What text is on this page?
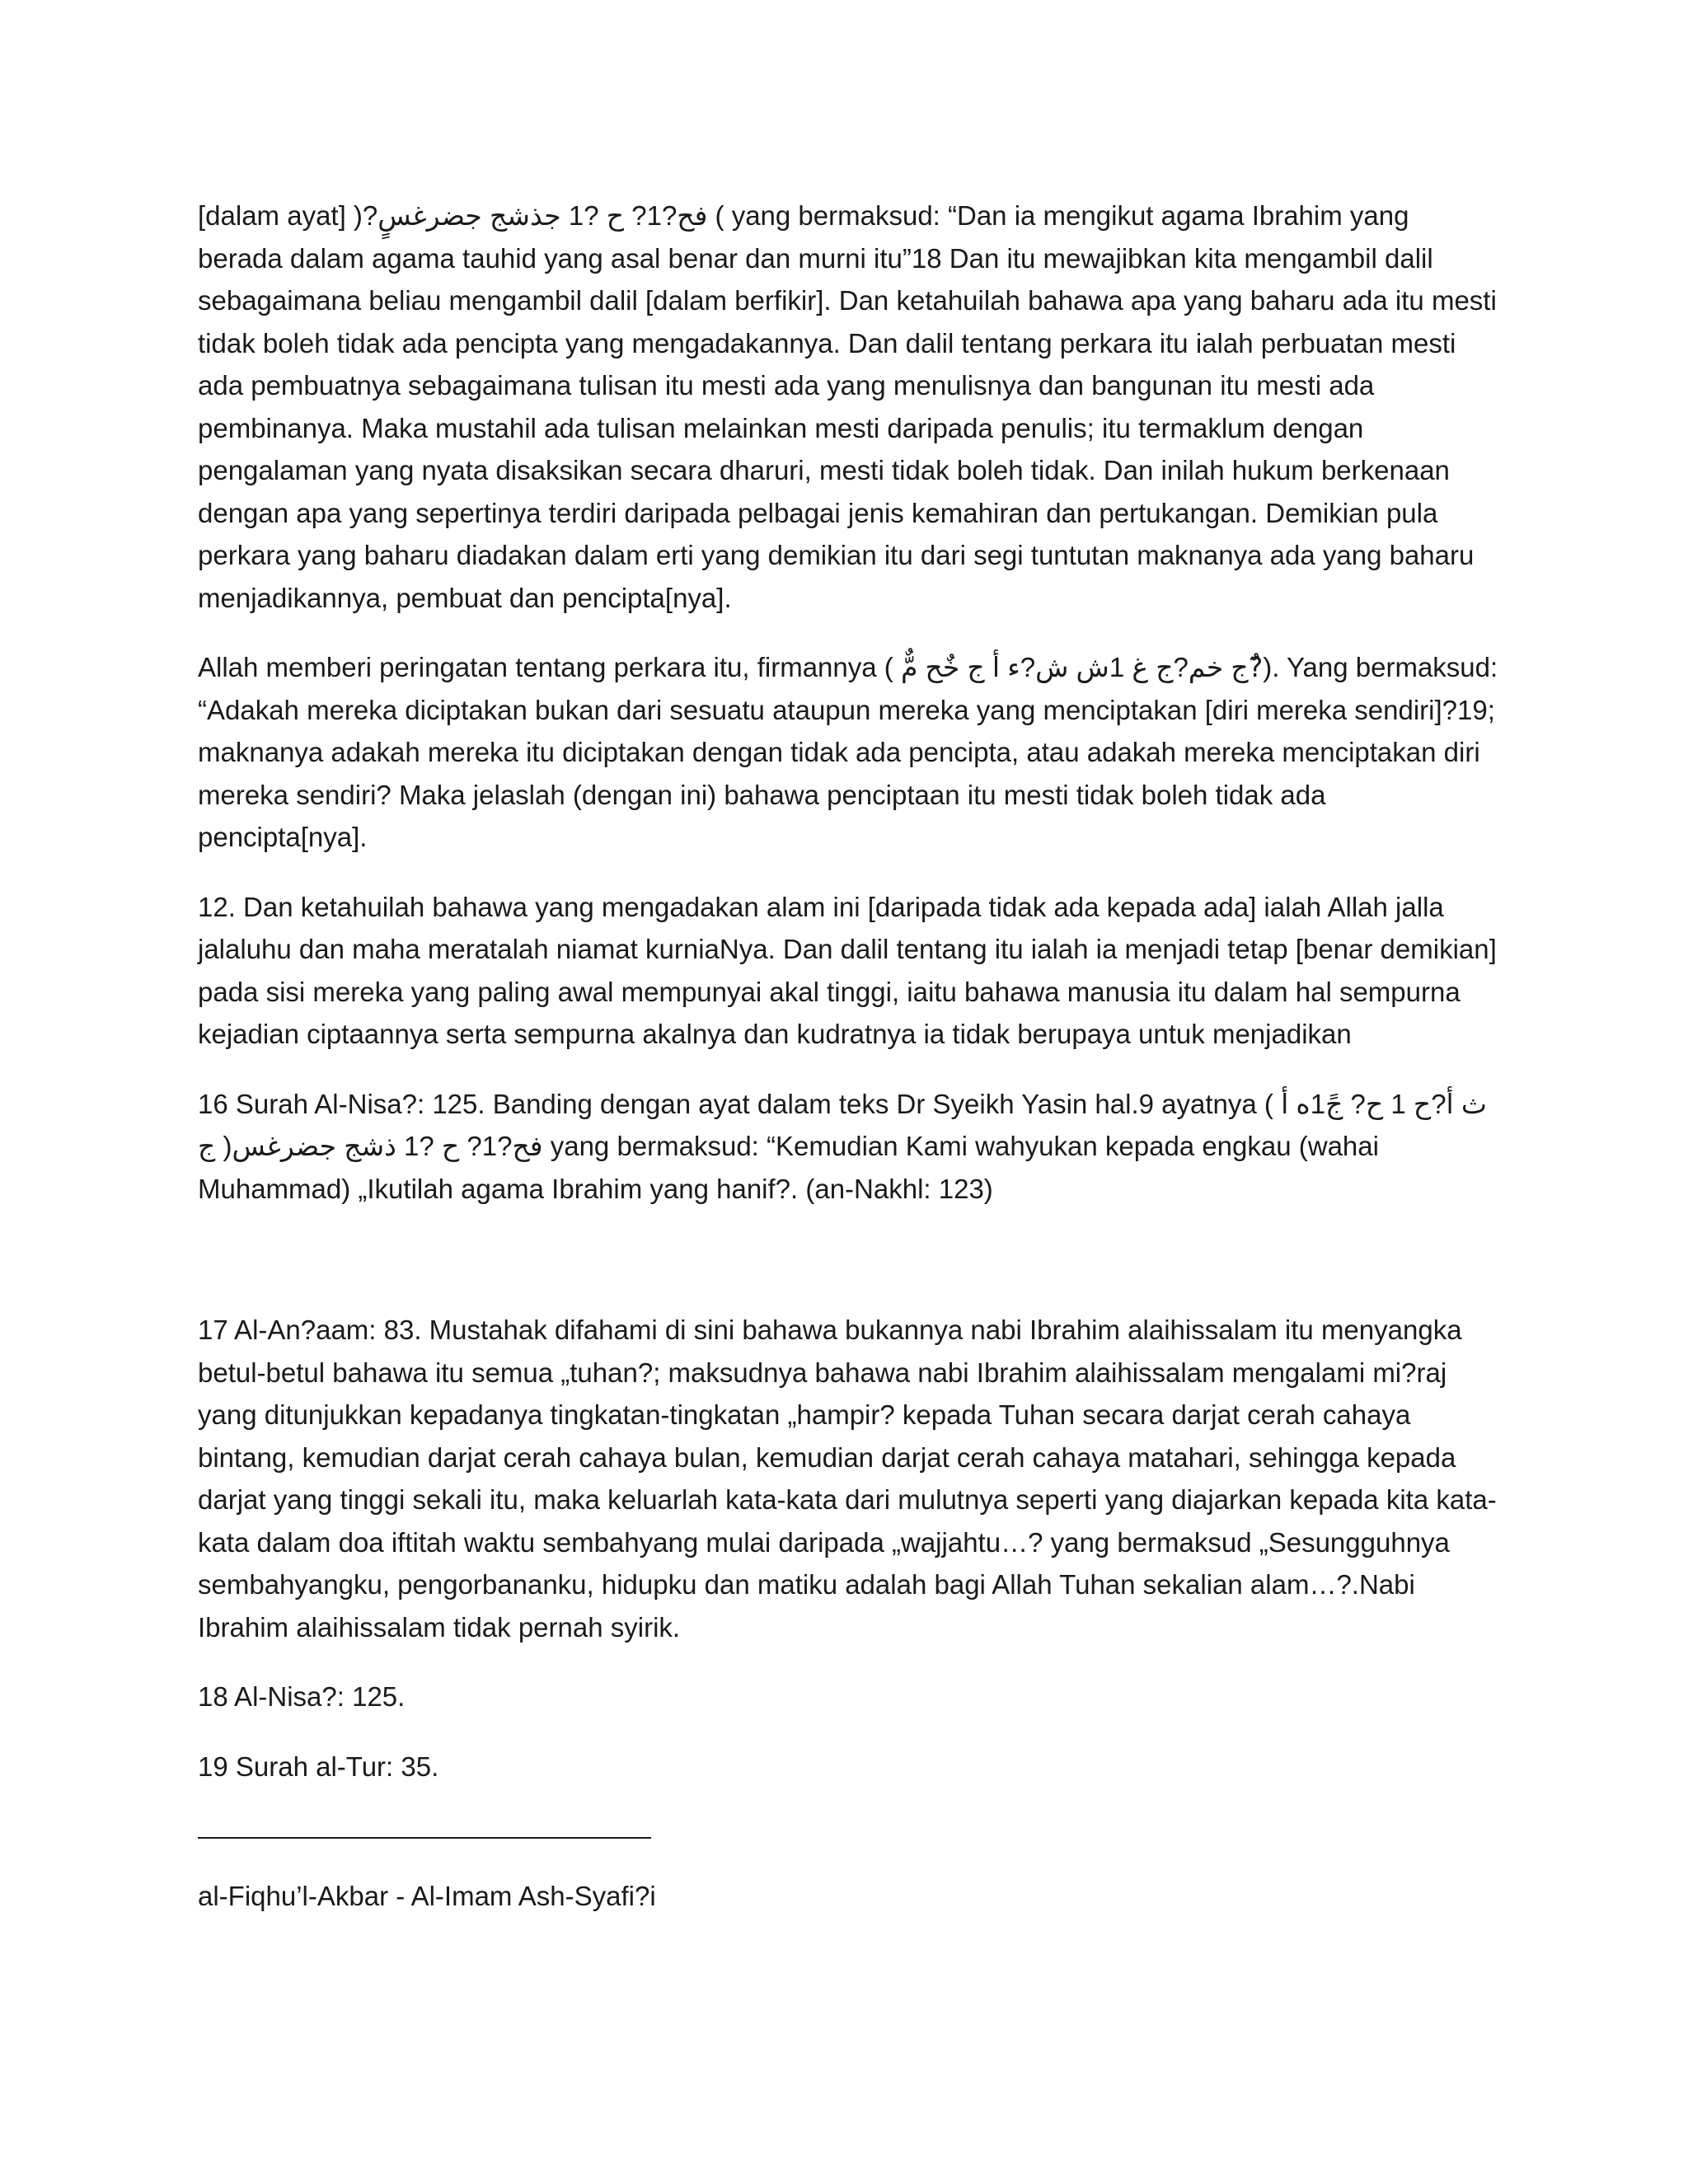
[dalam ayat] )?فح?1? ح ?1 جذشج جضرغسٍ ( yang bermaksud: “Dan ia mengikut agama Ibrahim yang berada dalam agama tauhid yang asal benar dan murni itu”18 Dan itu mewajibkan kita mengambil dalil sebagaimana beliau mengambil dalil [dalam berfikir]. Dan ketahuilah bahawa apa yang baharu ada itu mesti tidak boleh tidak ada pencipta yang mengadakannya. Dan dalil tentang perkara itu ialah perbuatan mesti ada pembuatnya sebagaimana tulisan itu mesti ada yang menulisnya dan bangunan itu mesti ada pembinanya. Maka mustahil ada tulisan melainkan mesti daripada penulis; itu termaklum dengan pengalaman yang nyata disaksikan secara dharuri, mesti tidak boleh tidak. Dan inilah hukum berkenaan dengan apa yang sepertinya terdiri daripada pelbagai jenis kemahiran dan pertukangan. Demikian pula perkara yang baharu diadakan dalam erti yang demikian itu dari segi tuntutan maknanya ada yang baharu menjadikannya, pembuat dan pencipta[nya].

Allah memberi peringatan tentang perkara itu, firmannya ( ج خم?ج غ 1ش ش?ء أ ج خٌح مٌّ?ٌ). Yang bermaksud: “Adakah mereka diciptakan bukan dari sesuatu ataupun mereka yang menciptakan [diri mereka sendiri]?19; maknanya adakah mereka itu diciptakan dengan tidak ada pencipta, atau adakah mereka menciptakan diri mereka sendiri? Maka jelaslah (dengan ini) bahawa penciptaan itu mesti tidak boleh tidak ada pencipta[nya].

12. Dan ketahuilah bahawa yang mengadakan alam ini [daripada tidak ada kepada ada] ialah Allah jalla jalaluhu dan maha meratalah niamat kurniaNya. Dan dalil tentang itu ialah ia menjadi tetap [benar demikian] pada sisi mereka yang paling awal mempunyai akal tinggi, iaitu bahawa manusia itu dalam hal sempurna kejadian ciptaannya serta sempurna akalnya dan kudratnya ia tidak berupaya untuk menjadikan

16 Surah Al-Nisa?: 125. Banding dengan ayat dalam teks Dr Syeikh Yasin hal.9 ayatnya ( ث أ?ح 1 ح? جً1ه أ ج )فح?1? ح ?1 ذشج جضرغس yang bermaksud: “Kemudian Kami wahyukan kepada engkau (wahai Muhammad) „Ikutilah agama Ibrahim yang hanif?. (an-Nakhl: 123)

17 Al-An?aam: 83. Mustahak difahami di sini bahawa bukannya nabi Ibrahim alaihissalam itu menyangka betul-betul bahawa itu semua „tuhan?; maksudnya bahawa nabi Ibrahim alaihissalam mengalami mi?raj yang ditunjukkan kepadanya tingkatan-tingkatan „hampir? kepada Tuhan secara darjat cerah cahaya bintang, kemudian darjat cerah cahaya bulan, kemudian darjat cerah cahaya matahari, sehingga kepada darjat yang tinggi sekali itu, maka keluarlah kata-kata dari mulutnya seperti yang diajarkan kepada kita kata-kata dalam doa iftitah waktu sembahyang mulai daripada „wajjahtu…? yang bermaksud „Sesungguhnya sembahyangku, pengorbananku, hidupku dan matiku adalah bagi Allah Tuhan sekalian alam…?.Nabi Ibrahim alaihissalam tidak pernah syirik.

18 Al-Nisa?: 125.

19 Surah al-Tur: 35.

al-Fiqhu’l-Akbar - Al-Imam Ash-Syafi?i
